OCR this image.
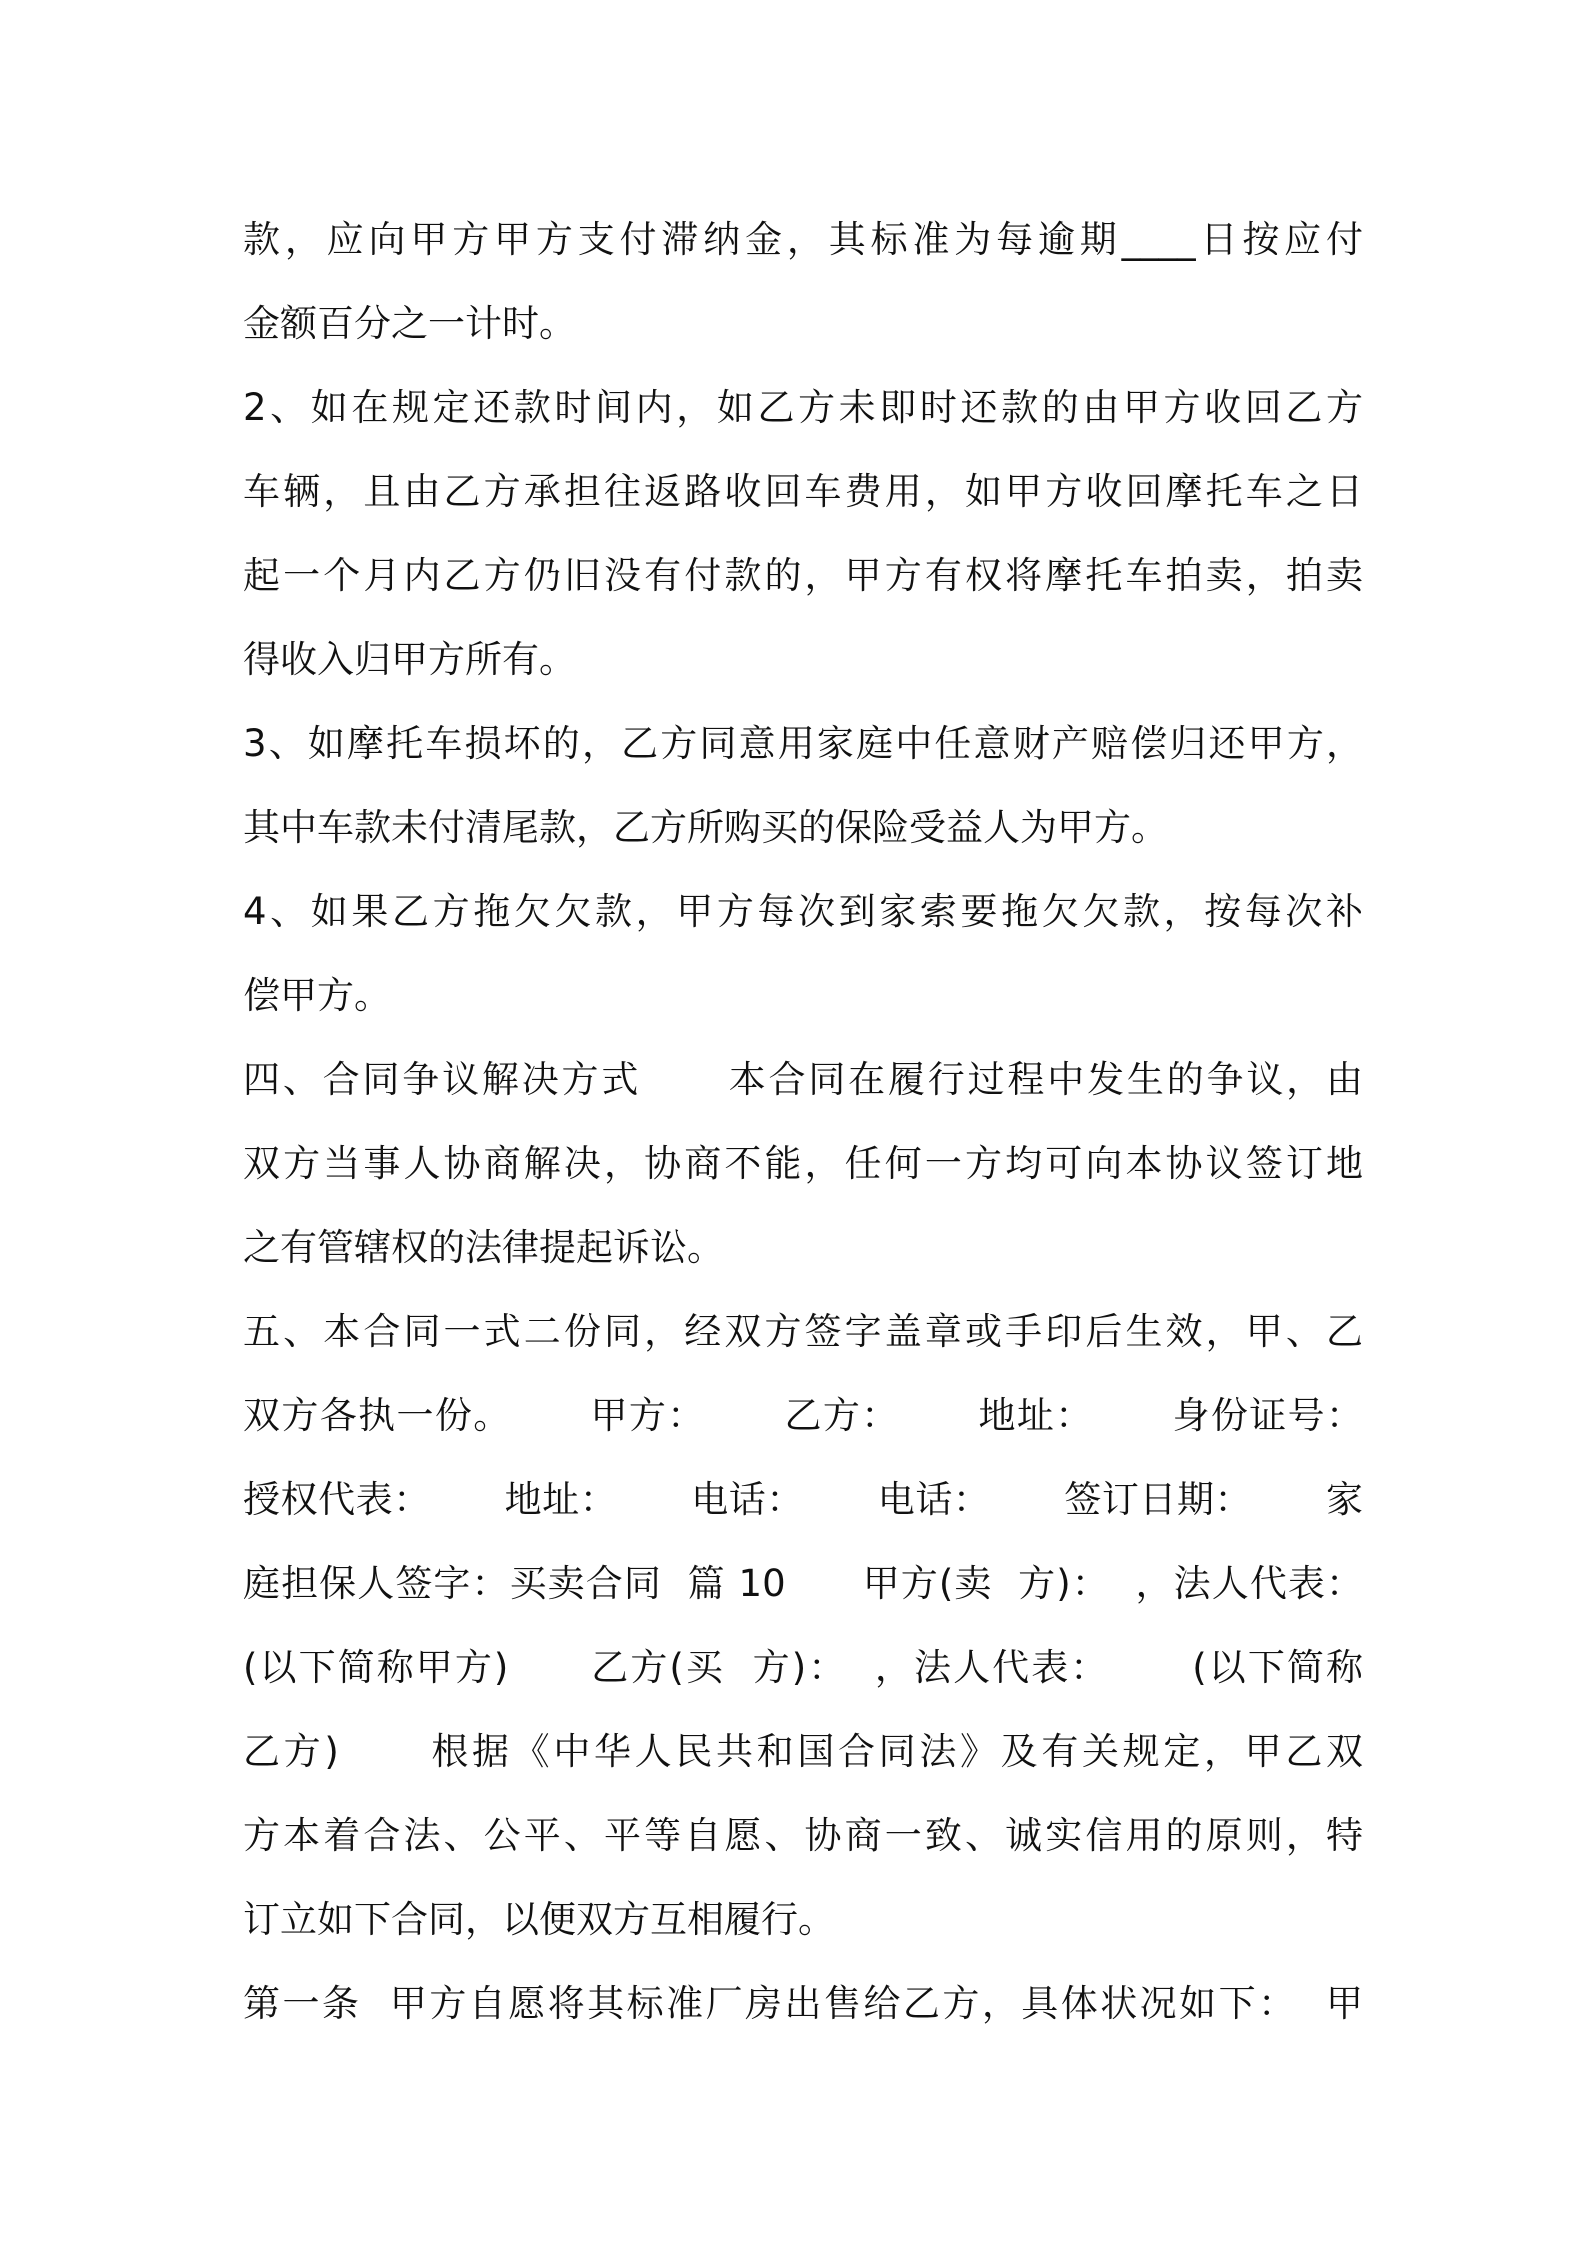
款，应向甲方甲方支付滞纳金，其标准为每逾期____日按应付
金额百分之一计时。
2、如在规定还款时间内，如乙方未即时还款的由甲方收回乙方
车辆，且由乙方承担往返路收回车费用，如甲方收回摩托车之日
起一个月内乙方仍旧没有付款的，甲方有权将摩托车拍卖，拍卖
得收入归甲方所有。
3、如摩托车损坏的，乙方同意用家庭中任意财产赔偿归还甲方，
其中车款未付清尾款，乙方所购买的保险受益人为甲方。
4、如果乙方拖欠欠款，甲方每次到家索要拖欠欠款，按每次补
偿甲方。
四、合同争议解决方式      本合同在履行过程中发生的争议，由
双方当事人协商解决，协商不能，任何一方均可向本协议签订地
之有管辖权的法律提起诉讼。
五、本合同一式二份同，经双方签字盖章或手印后生效，甲、乙
双方各执一份。      甲方：      乙方：      地址：      身份证号：
授权代表：      地址：      电话：      电话：      签订日期：      家
庭担保人签字：买卖合同  篇 10      甲方(卖  方)：  ，法人代表：
(以下简称甲方)      乙方(买  方)：  ，法人代表：      (以下简称
乙方)      根据《中华人民共和国合同法》及有关规定，甲乙双
方本着合法、公平、平等自愿、协商一致、诚实信用的原则，特
订立如下合同，以便双方互相履行。
第一条  甲方自愿将其标准厂房出售给乙方，具体状况如下：  甲
